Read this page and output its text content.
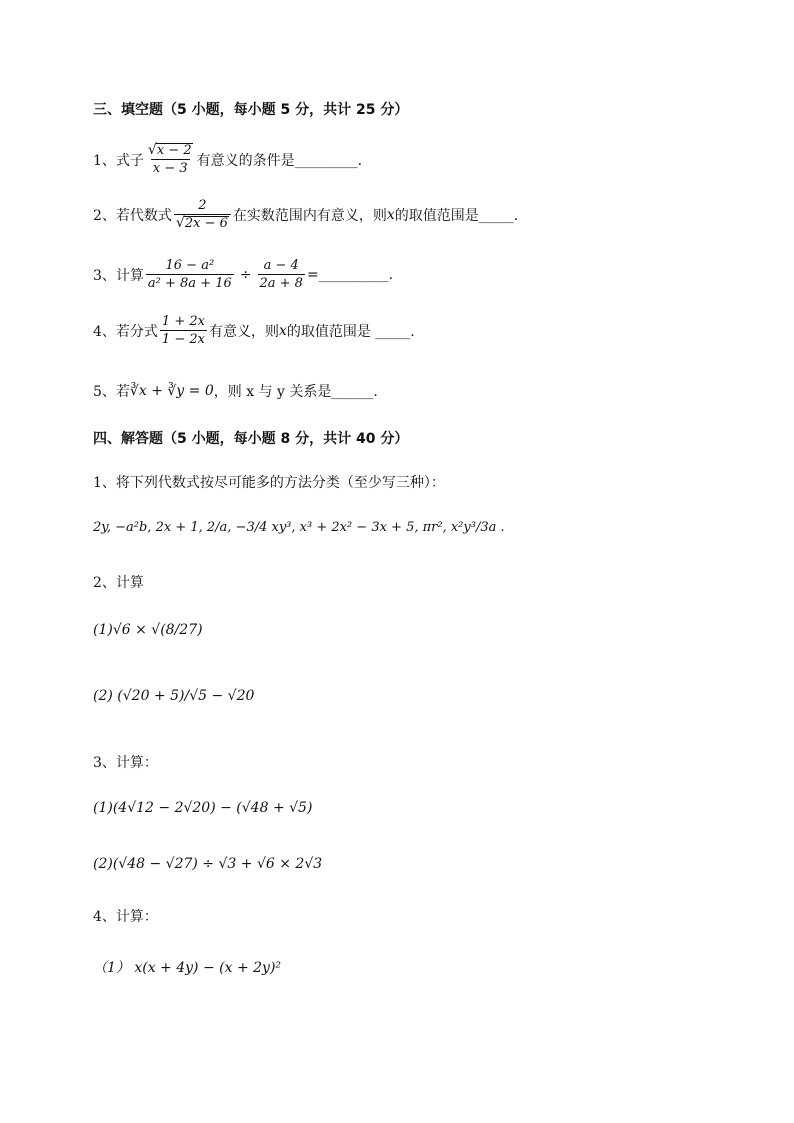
三、填空题（5 小题，每小题 5 分，共计 25 分）
1、式子 $\frac{√ x - 2}{x - 3}$ 有意义的条件是_________.
2、若代数式 $\frac{2}{√ 2x - 6}$ 在实数范围内有意义，则 x 的取值范围是_____.
3、计算 $\frac{\text{16 − a²}}{\text{a² + 8a + 16}} \div \frac{a - 4}{2a + 8}$ =__________.
4、若分式 $\frac{1 + 2x}{1 - 2x}$ 有意义，则 x 的取值范围是 _____.
5、若 ∛x + ∛y = 0 ，则 x 与 y 关系是______.
四、解答题（5 小题，每小题 8 分，共计 40 分）
1、将下列代数式按尽可能多的方法分类（至少写三种）：
2y, −a²b, 2x + 1, 2/a, −3/4 xy³, x³ + 2x² − 3x + 5, πr², x²y³/3a .
2、计算
(1)√6 × √(8/27)
(2) (√20 + 5)/√5 − √20
3、计算：
(1)(4√12 − 2√20) − (√48 + √5)
(2)(√48 − √27) ÷ √3 + √6 × 2√3
4、计算：
（1） x(x + 4y) − (x + 2y)²
